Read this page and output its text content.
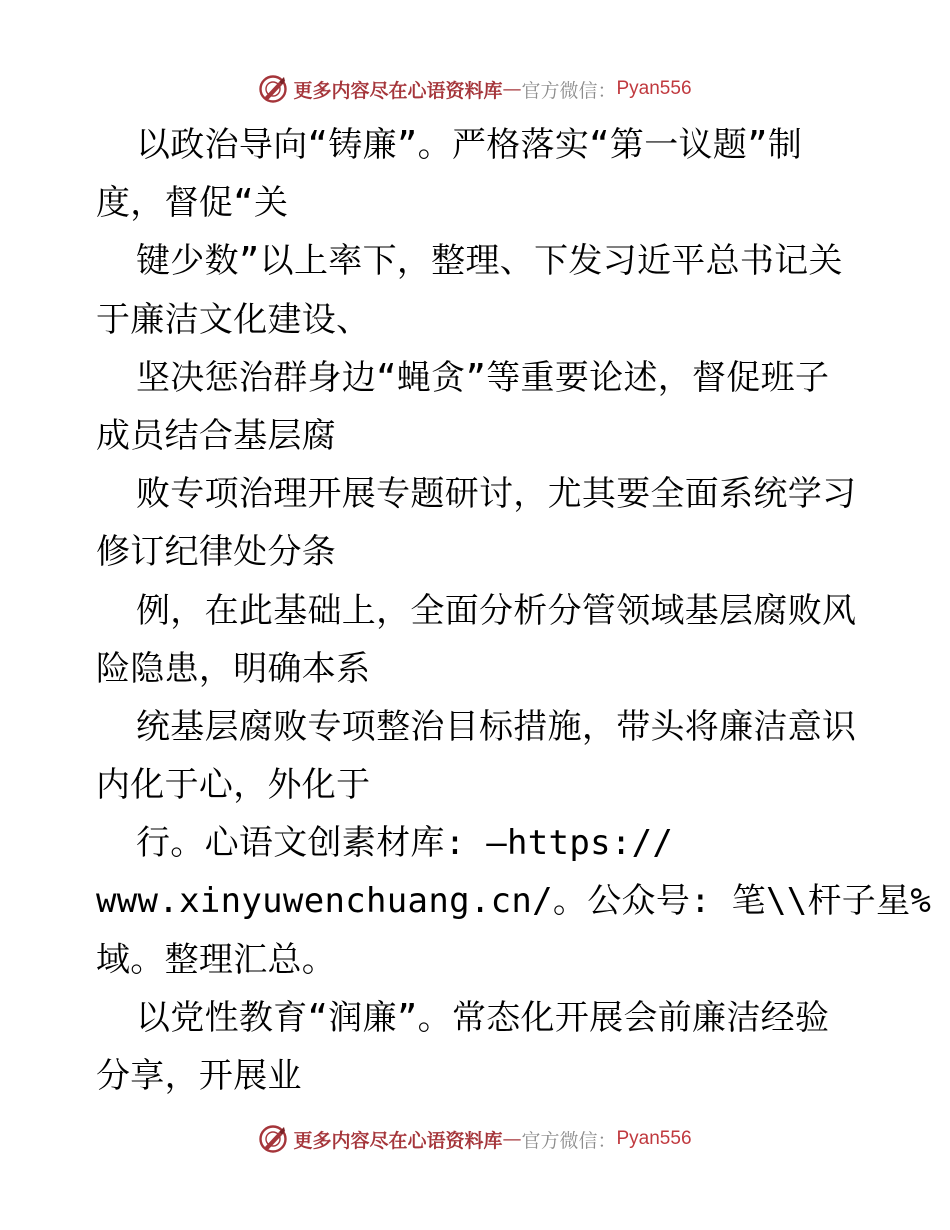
更多内容尽在心语资料库 — 官方微信： Pyan556
以政治导向“铸廉”。严格落实“第一议题”制
度，督促“关
键少数”以上率下，整理、下发习近平总书记关
于廉洁文化建设、
坚决惩治群身边“蝇贪”等重要论述，督促班子
成员结合基层腐
败专项治理开展专题研讨，尤其要全面系统学习
修订纪律处分条
例，在此基础上，全面分析分管领域基层腐败风
险隐患，明确本系
统基层腐败专项整治目标措施，带头将廉洁意识
内化于心，外化于
行。心语文创素材库: —https://
www.xinyuwenchuang.cn/。公众号: 笔\\杆子星%
域。整理汇总。
以党性教育“润廉”。常态化开展会前廉洁经验
分享，开展业
更多内容尽在心语资料库 — 官方微信： Pyan556
